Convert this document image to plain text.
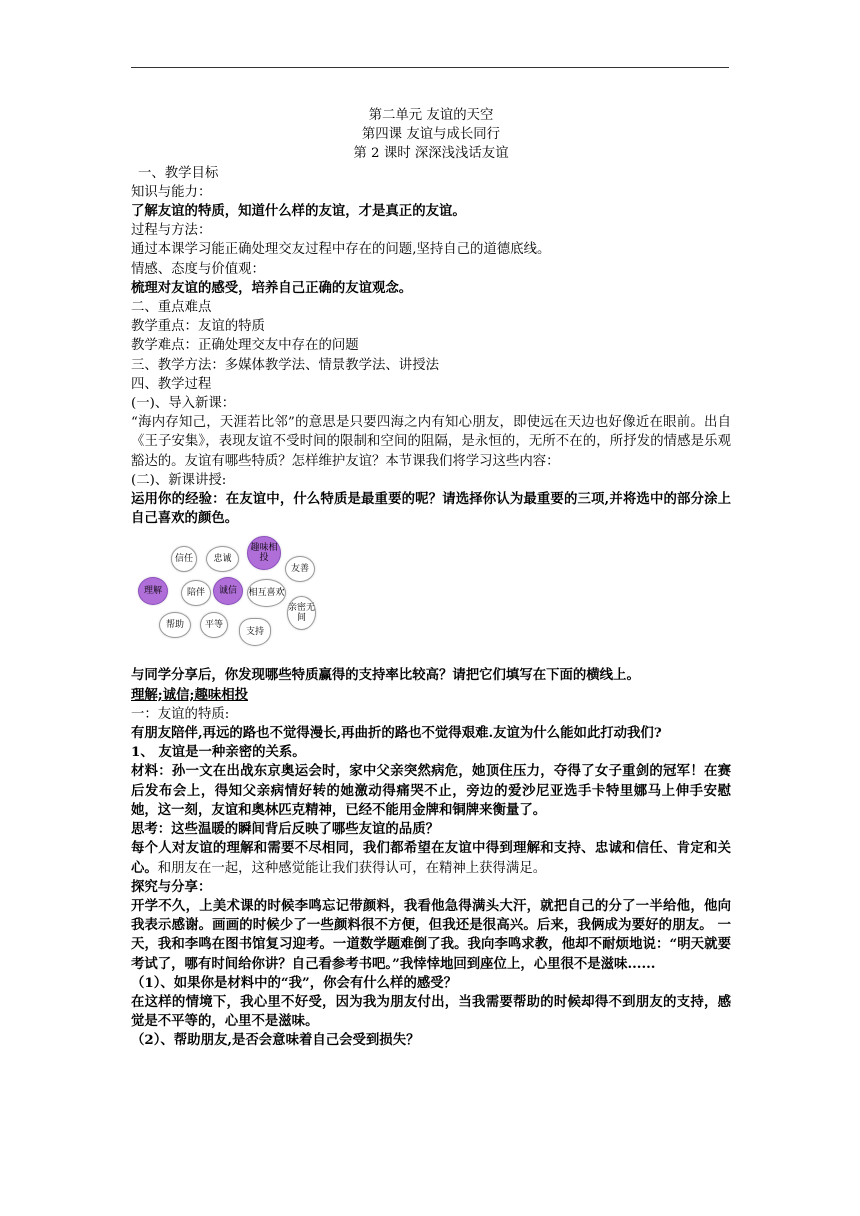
第二单元 友谊的天空

第四课 友谊与成长同行

第 2 课时 深深浅浅话友谊

一、教学目标

知识与能力：

了解友谊的特质，知道什么样的友谊，才是真正的友谊。

过程与方法：

通过本课学习能正确处理交友过程中存在的问题,坚持自己的道德底线。

情感、态度与价值观：

梳理对友谊的感受，培养自己正确的友谊观念。

二、重点难点

教学重点：友谊的特质

教学难点：正确处理交友中存在的问题

三、教学方法：多媒体教学法、情景教学法、讲授法

四、教学过程

(一)、导入新课：

“海内存知己，天涯若比邻”的意思是只要四海之内有知心朋友，即使远在天边也好像近在眼前。出自《王子安集》，表现友谊不受时间的限制和空间的阻隔，是永恒的，无所不在的，所抒发的情感是乐观豁达的。友谊有哪些特质？怎样维护友谊？本节课我们将学习这些内容：

(二)、新课讲授:

运用你的经验：在友谊中，什么特质是最重要的呢？请选择你认为最重要的三项,并将选中的部分涂上自己喜欢的颜色。

信任	忠诚
趣味相投
友善
理解	陪伴	诚信	相互喜欢
亲密无间
帮助	平等
支持

与同学分享后，你发现哪些特质赢得的支持率比较高？请把它们填写在下面的横线上。

理解;诚信;趣味相投

一：友谊的特质:

有朋友陪伴,再远的路也不觉得漫长,再曲折的路也不觉得艰难.友谊为什么能如此打动我们?

1、 友谊是一种亲密的关系。

材料：孙一文在出战东京奥运会时，家中父亲突然病危，她顶住压力，夺得了女子重剑的冠军！在赛后发布会上，得知父亲病情好转的她激动得痛哭不止，旁边的爱沙尼亚选手卡特里娜马上伸手安慰她，这一刻，友谊和奥林匹克精神，已经不能用金牌和铜牌来衡量了。

思考：这些温暖的瞬间背后反映了哪些友谊的品质？

每个人对友谊的理解和需要不尽相同，我们都希望在友谊中得到理解和支持、忠诚和信任、肯定和关心。和朋友在一起，这种感觉能让我们获得认可，在精神上获得满足。

探究与分享：

开学不久，上美术课的时候李鸣忘记带颜料，我看他急得满头大汗，就把自己的分了一半给他，他向我表示感谢。画画的时候少了一些颜料很不方便，但我还是很高兴。后来，我俩成为要好的朋友。 一天，我和李鸣在图书馆复习迎考。一道数学题难倒了我。我向李鸣求教，他却不耐烦地说：“明天就要考试了，哪有时间给你讲？自己看参考书吧。”我悻悻地回到座位上，心里很不是滋味......

（1）、如果你是材料中的“我”，你会有什么样的感受？

在这样的情境下，我心里不好受，因为我为朋友付出，当我需要帮助的时候却得不到朋友的支持，感觉是不平等的，心里不是滋味。

（2）、帮助朋友,是否会意味着自己会受到损失？
